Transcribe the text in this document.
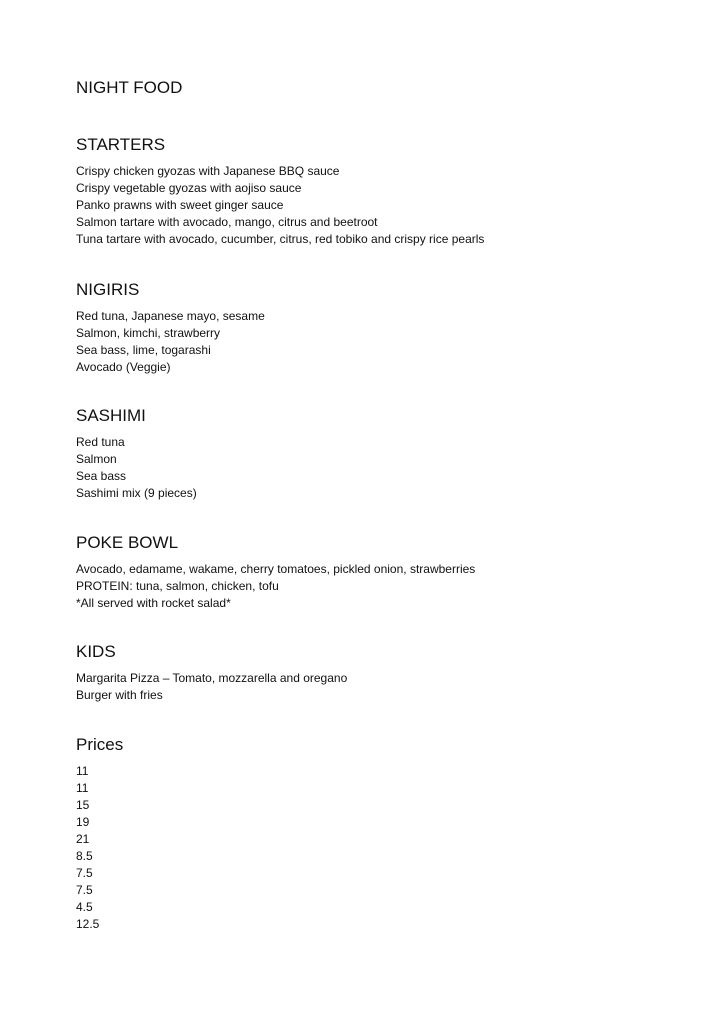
NIGHT FOOD
STARTERS
Crispy chicken gyozas with Japanese BBQ sauce
Crispy vegetable gyozas with aojiso sauce
Panko prawns with sweet ginger sauce
Salmon tartare with avocado, mango, citrus and beetroot
Tuna tartare with avocado, cucumber, citrus, red tobiko and crispy rice pearls
NIGIRIS
Red tuna, Japanese mayo, sesame
Salmon, kimchi, strawberry
Sea bass, lime, togarashi
Avocado (Veggie)
SASHIMI
Red tuna
Salmon
Sea bass
Sashimi mix (9 pieces)
POKE BOWL
Avocado, edamame, wakame, cherry tomatoes, pickled onion, strawberries
PROTEIN: tuna, salmon, chicken, tofu
*All served with rocket salad*
KIDS
Margarita Pizza – Tomato, mozzarella and oregano
Burger with fries
Prices
11
11
15
19
21
8.5
7.5
7.5
4.5
12.5
